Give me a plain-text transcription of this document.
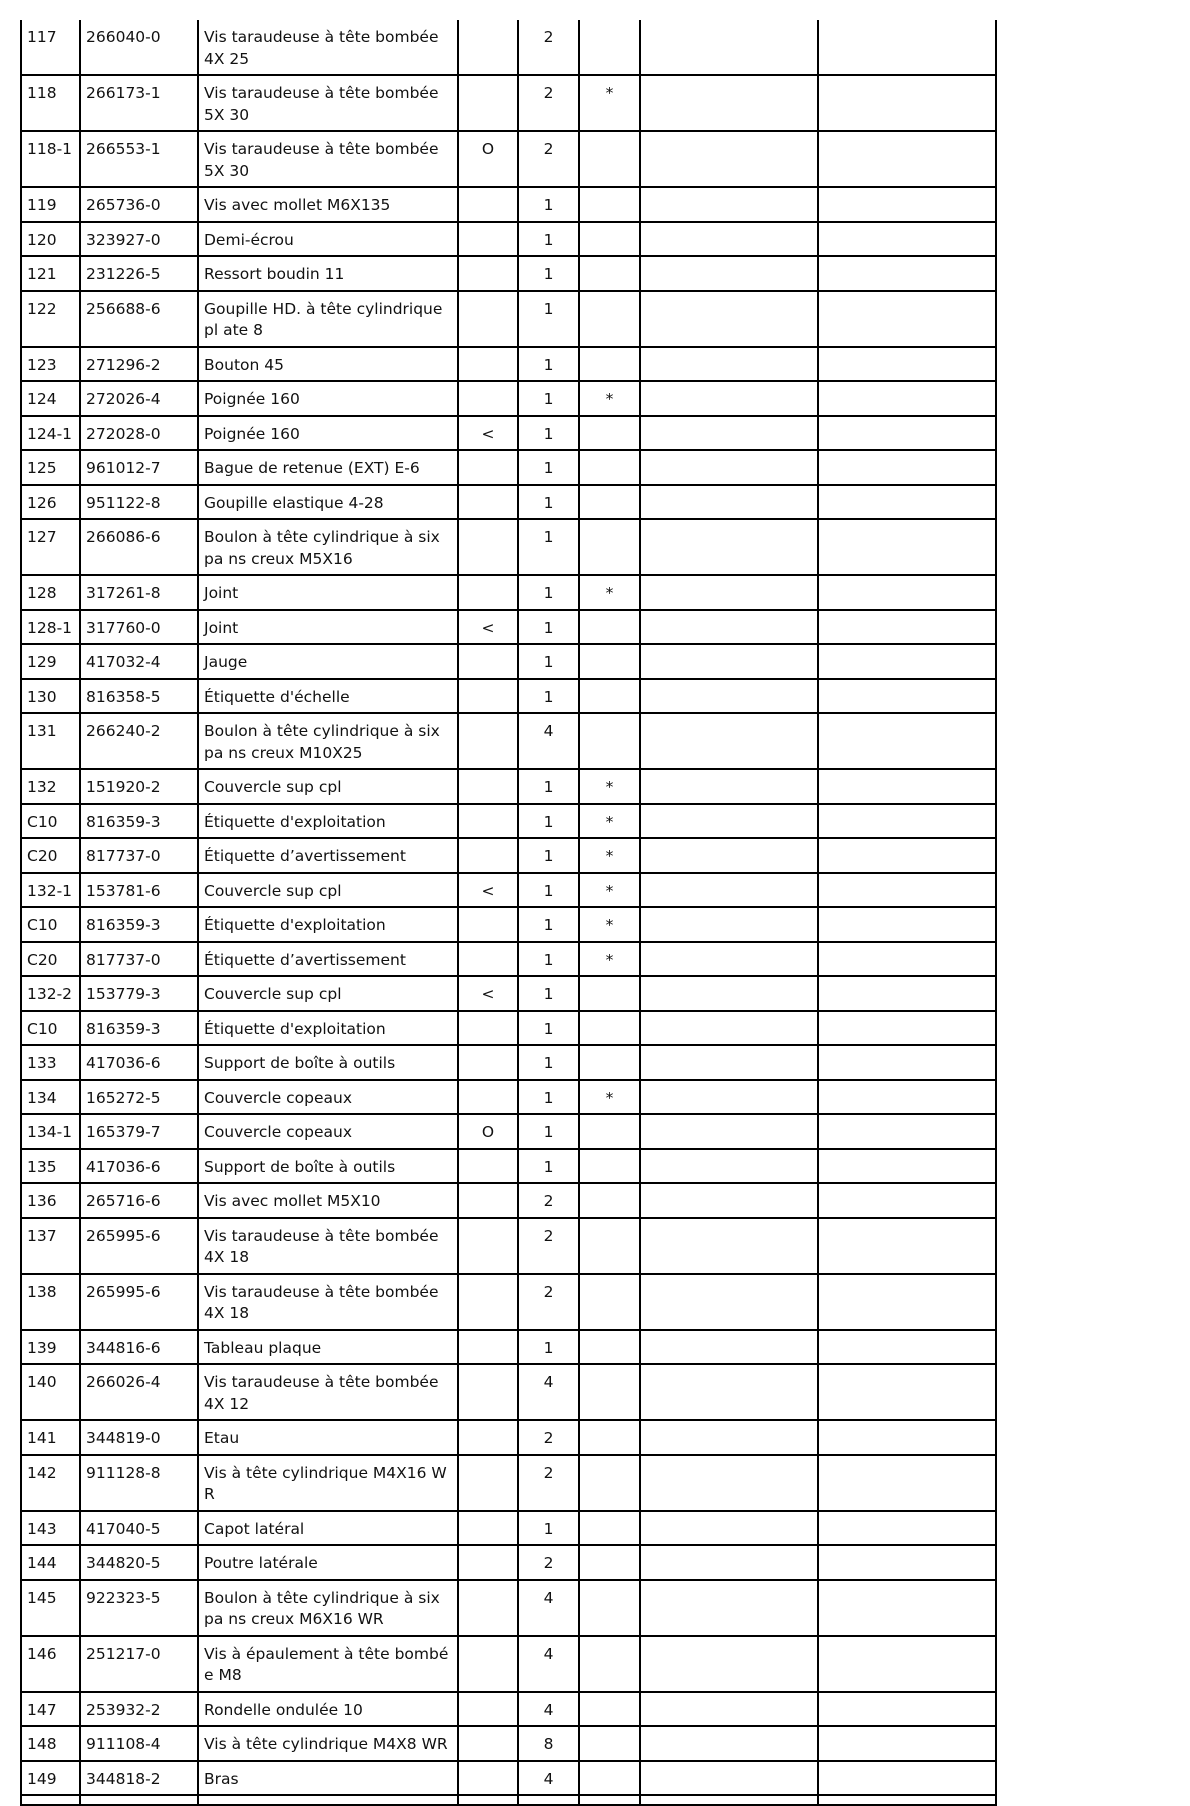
117	266040-0	Vis taraudeuse à tête bombée 4X 25		2			
118	266173-1	Vis taraudeuse à tête bombée 5X 30		2	*		
118-1	266553-1	Vis taraudeuse à tête bombée 5X 30	O	2			
119	265736-0	Vis avec mollet M6X135		1			
120	323927-0	Demi-écrou		1			
121	231226-5	Ressort boudin 11		1			
122	256688-6	Goupille HD. à tête cylindrique pl ate 8		1			
123	271296-2	Bouton 45		1			
124	272026-4	Poignée 160		1	*		
124-1	272028-0	Poignée 160	<	1			
125	961012-7	Bague de retenue (EXT) E-6		1			
126	951122-8	Goupille elastique 4-28		1			
127	266086-6	Boulon à tête cylindrique à six pa ns creux M5X16		1			
128	317261-8	Joint		1	*		
128-1	317760-0	Joint	<	1			
129	417032-4	Jauge		1			
130	816358-5	Étiquette d'échelle		1			
131	266240-2	Boulon à tête cylindrique à six pa ns creux M10X25		4			
132	151920-2	Couvercle sup cpl		1	*		
C10	816359-3	Étiquette d'exploitation		1	*		
C20	817737-0	Étiquette d’avertissement		1	*		
132-1	153781-6	Couvercle sup cpl	<	1	*		
C10	816359-3	Étiquette d'exploitation		1	*		
C20	817737-0	Étiquette d’avertissement		1	*		
132-2	153779-3	Couvercle sup cpl	<	1			
C10	816359-3	Étiquette d'exploitation		1			
133	417036-6	Support de boîte à outils		1			
134	165272-5	Couvercle copeaux		1	*		
134-1	165379-7	Couvercle copeaux	O	1			
135	417036-6	Support de boîte à outils		1			
136	265716-6	Vis avec mollet M5X10		2			
137	265995-6	Vis taraudeuse à tête bombée 4X 18		2			
138	265995-6	Vis taraudeuse à tête bombée 4X 18		2			
139	344816-6	Tableau plaque		1			
140	266026-4	Vis taraudeuse à tête bombée 4X 12		4			
141	344819-0	Etau		2			
142	911128-8	Vis à tête cylindrique M4X16 WR		2			
143	417040-5	Capot latéral		1			
144	344820-5	Poutre latérale		2			
145	922323-5	Boulon à tête cylindrique à six pa ns creux M6X16 WR		4			
146	251217-0	Vis à épaulement à tête bombée M8		4			
147	253932-2	Rondelle ondulée 10		4			
148	911108-4	Vis à tête cylindrique M4X8 WR		8			
149	344818-2	Bras		4			
